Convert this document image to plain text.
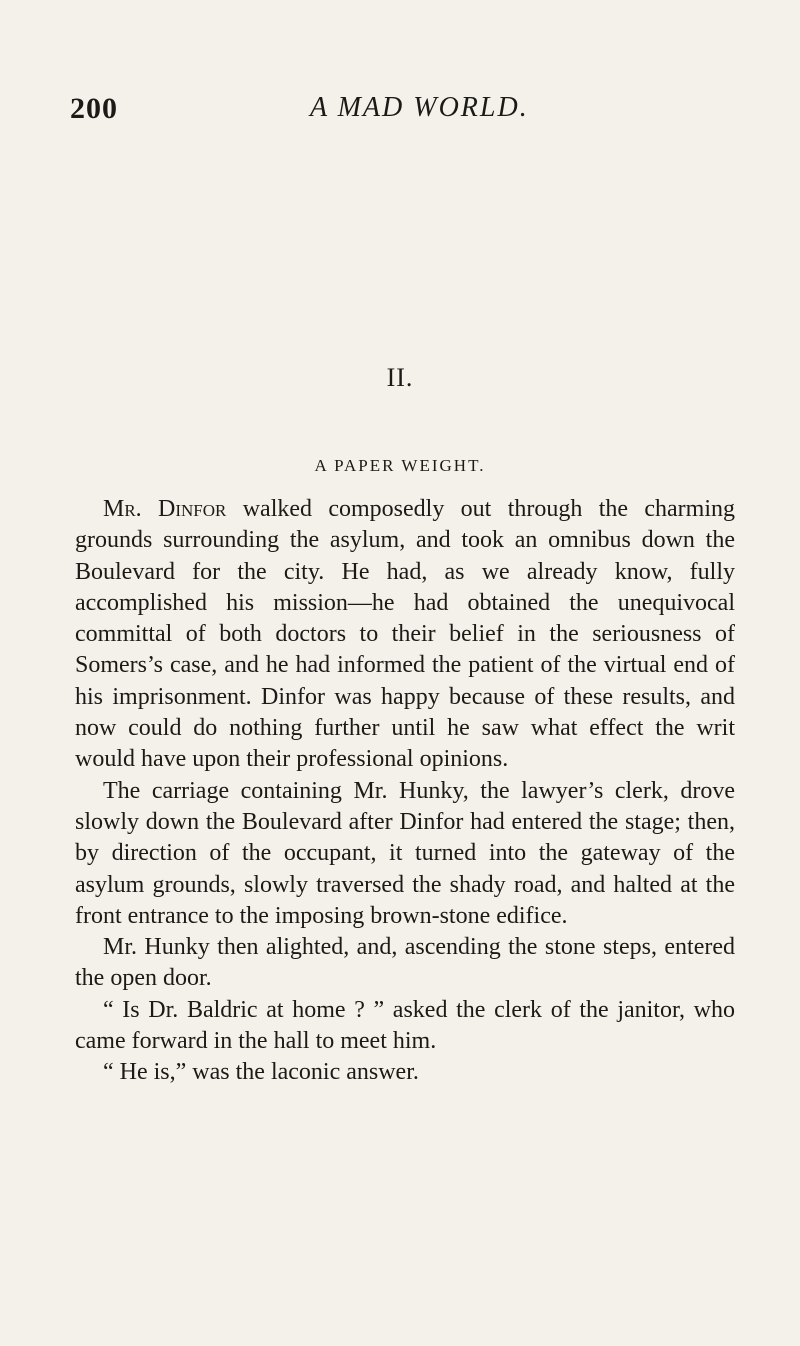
200	A MAD WORLD.
II.
A PAPER WEIGHT.

Mr. Dinfor walked composedly out through the charming grounds surrounding the asylum, and took an omnibus down the Boulevard for the city. He had, as we already know, fully accomplished his mission—he had obtained the unequivocal committal of both doctors to their belief in the seriousness of Somers’s case, and he had informed the patient of the virtual end of his imprisonment. Dinfor was happy because of these results, and now could do nothing further until he saw what effect the writ would have upon their professional opinions.

The carriage containing Mr. Hunky, the lawyer’s clerk, drove slowly down the Boulevard after Dinfor had entered the stage; then, by direction of the occupant, it turned into the gateway of the asylum grounds, slowly traversed the shady road, and halted at the front entrance to the imposing brown-stone edifice.

Mr. Hunky then alighted, and, ascending the stone steps, entered the open door.

“ Is Dr. Baldric at home ? ” asked the clerk of the janitor, who came forward in the hall to meet him.

“ He is,” was the laconic answer.
